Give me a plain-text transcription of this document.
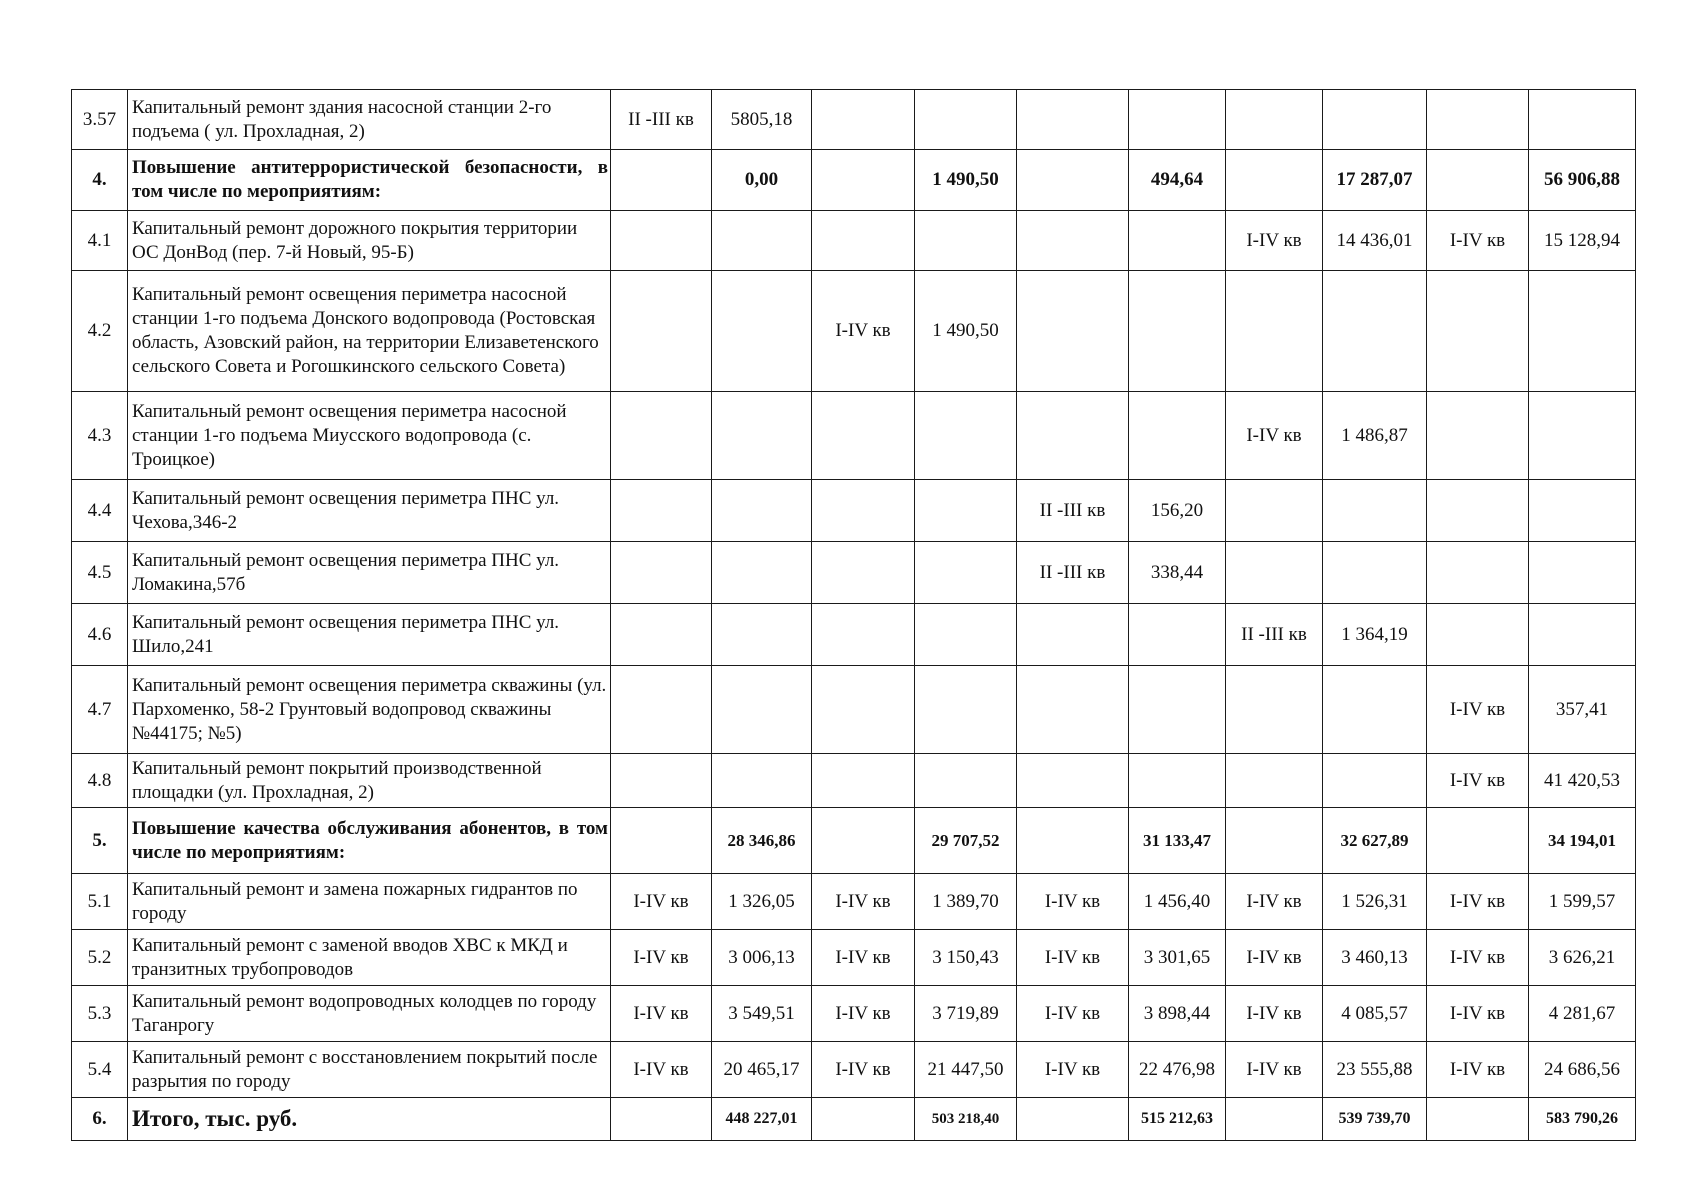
3.57	Капитальный ремонт здания насосной станции 2-го подъема ( ул. Прохладная, 2)	II -III кв	5805,18								
4.	Повышение антитеррористической безопасности, в том числе по мероприятиям:		0,00		1 490,50		494,64		17 287,07		56 906,88
4.1	Капитальный ремонт дорожного покрытия территории ОС ДонВод (пер. 7-й Новый, 95-Б)							I-IV кв	14 436,01	I-IV кв	15 128,94
4.2	Капитальный ремонт освещения периметра насосной станции 1-го подъема Донского водопровода (Ростовская область, Азовский район, на территории Елизаветенского сельского Совета и Рогошкинского сельского Совета)			I-IV кв	1 490,50						
4.3	Капитальный ремонт освещения периметра насосной станции 1-го подъема Миусского водопровода (с. Троицкое)							I-IV кв	1 486,87		
4.4	Капитальный ремонт освещения периметра ПНС ул. Чехова,346-2					II -III кв	156,20				
4.5	Капитальный ремонт освещения периметра ПНС ул. Ломакина,57б					II -III кв	338,44				
4.6	Капитальный ремонт освещения периметра ПНС ул. Шило,241							II -III кв	1 364,19		
4.7	Капитальный ремонт освещения периметра скважины (ул. Пархоменко, 58-2 Грунтовый водопровод скважины №44175; №5)									I-IV кв	357,41
4.8	Капитальный ремонт покрытий производственной площадки (ул. Прохладная, 2)									I-IV кв	41 420,53
5.	Повышение качества обслуживания абонентов, в том числе по мероприятиям:		28 346,86		29 707,52		31 133,47		32 627,89		34 194,01
5.1	Капитальный ремонт и замена пожарных гидрантов по городу	I-IV кв	1 326,05	I-IV кв	1 389,70	I-IV кв	1 456,40	I-IV кв	1 526,31	I-IV кв	1 599,57
5.2	Капитальный ремонт с заменой вводов ХВС к МКД и транзитных трубопроводов	I-IV кв	3 006,13	I-IV кв	3 150,43	I-IV кв	3 301,65	I-IV кв	3 460,13	I-IV кв	3 626,21
5.3	Капитальный ремонт водопроводных колодцев по городу Таганрогу	I-IV кв	3 549,51	I-IV кв	3 719,89	I-IV кв	3 898,44	I-IV кв	4 085,57	I-IV кв	4 281,67
5.4	Капитальный ремонт с восстановлением покрытий после разрытия по городу	I-IV кв	20 465,17	I-IV кв	21 447,50	I-IV кв	22 476,98	I-IV кв	23 555,88	I-IV кв	24 686,56
6.	Итого, тыс. руб.		448 227,01		503 218,40		515 212,63		539 739,70		583 790,26
